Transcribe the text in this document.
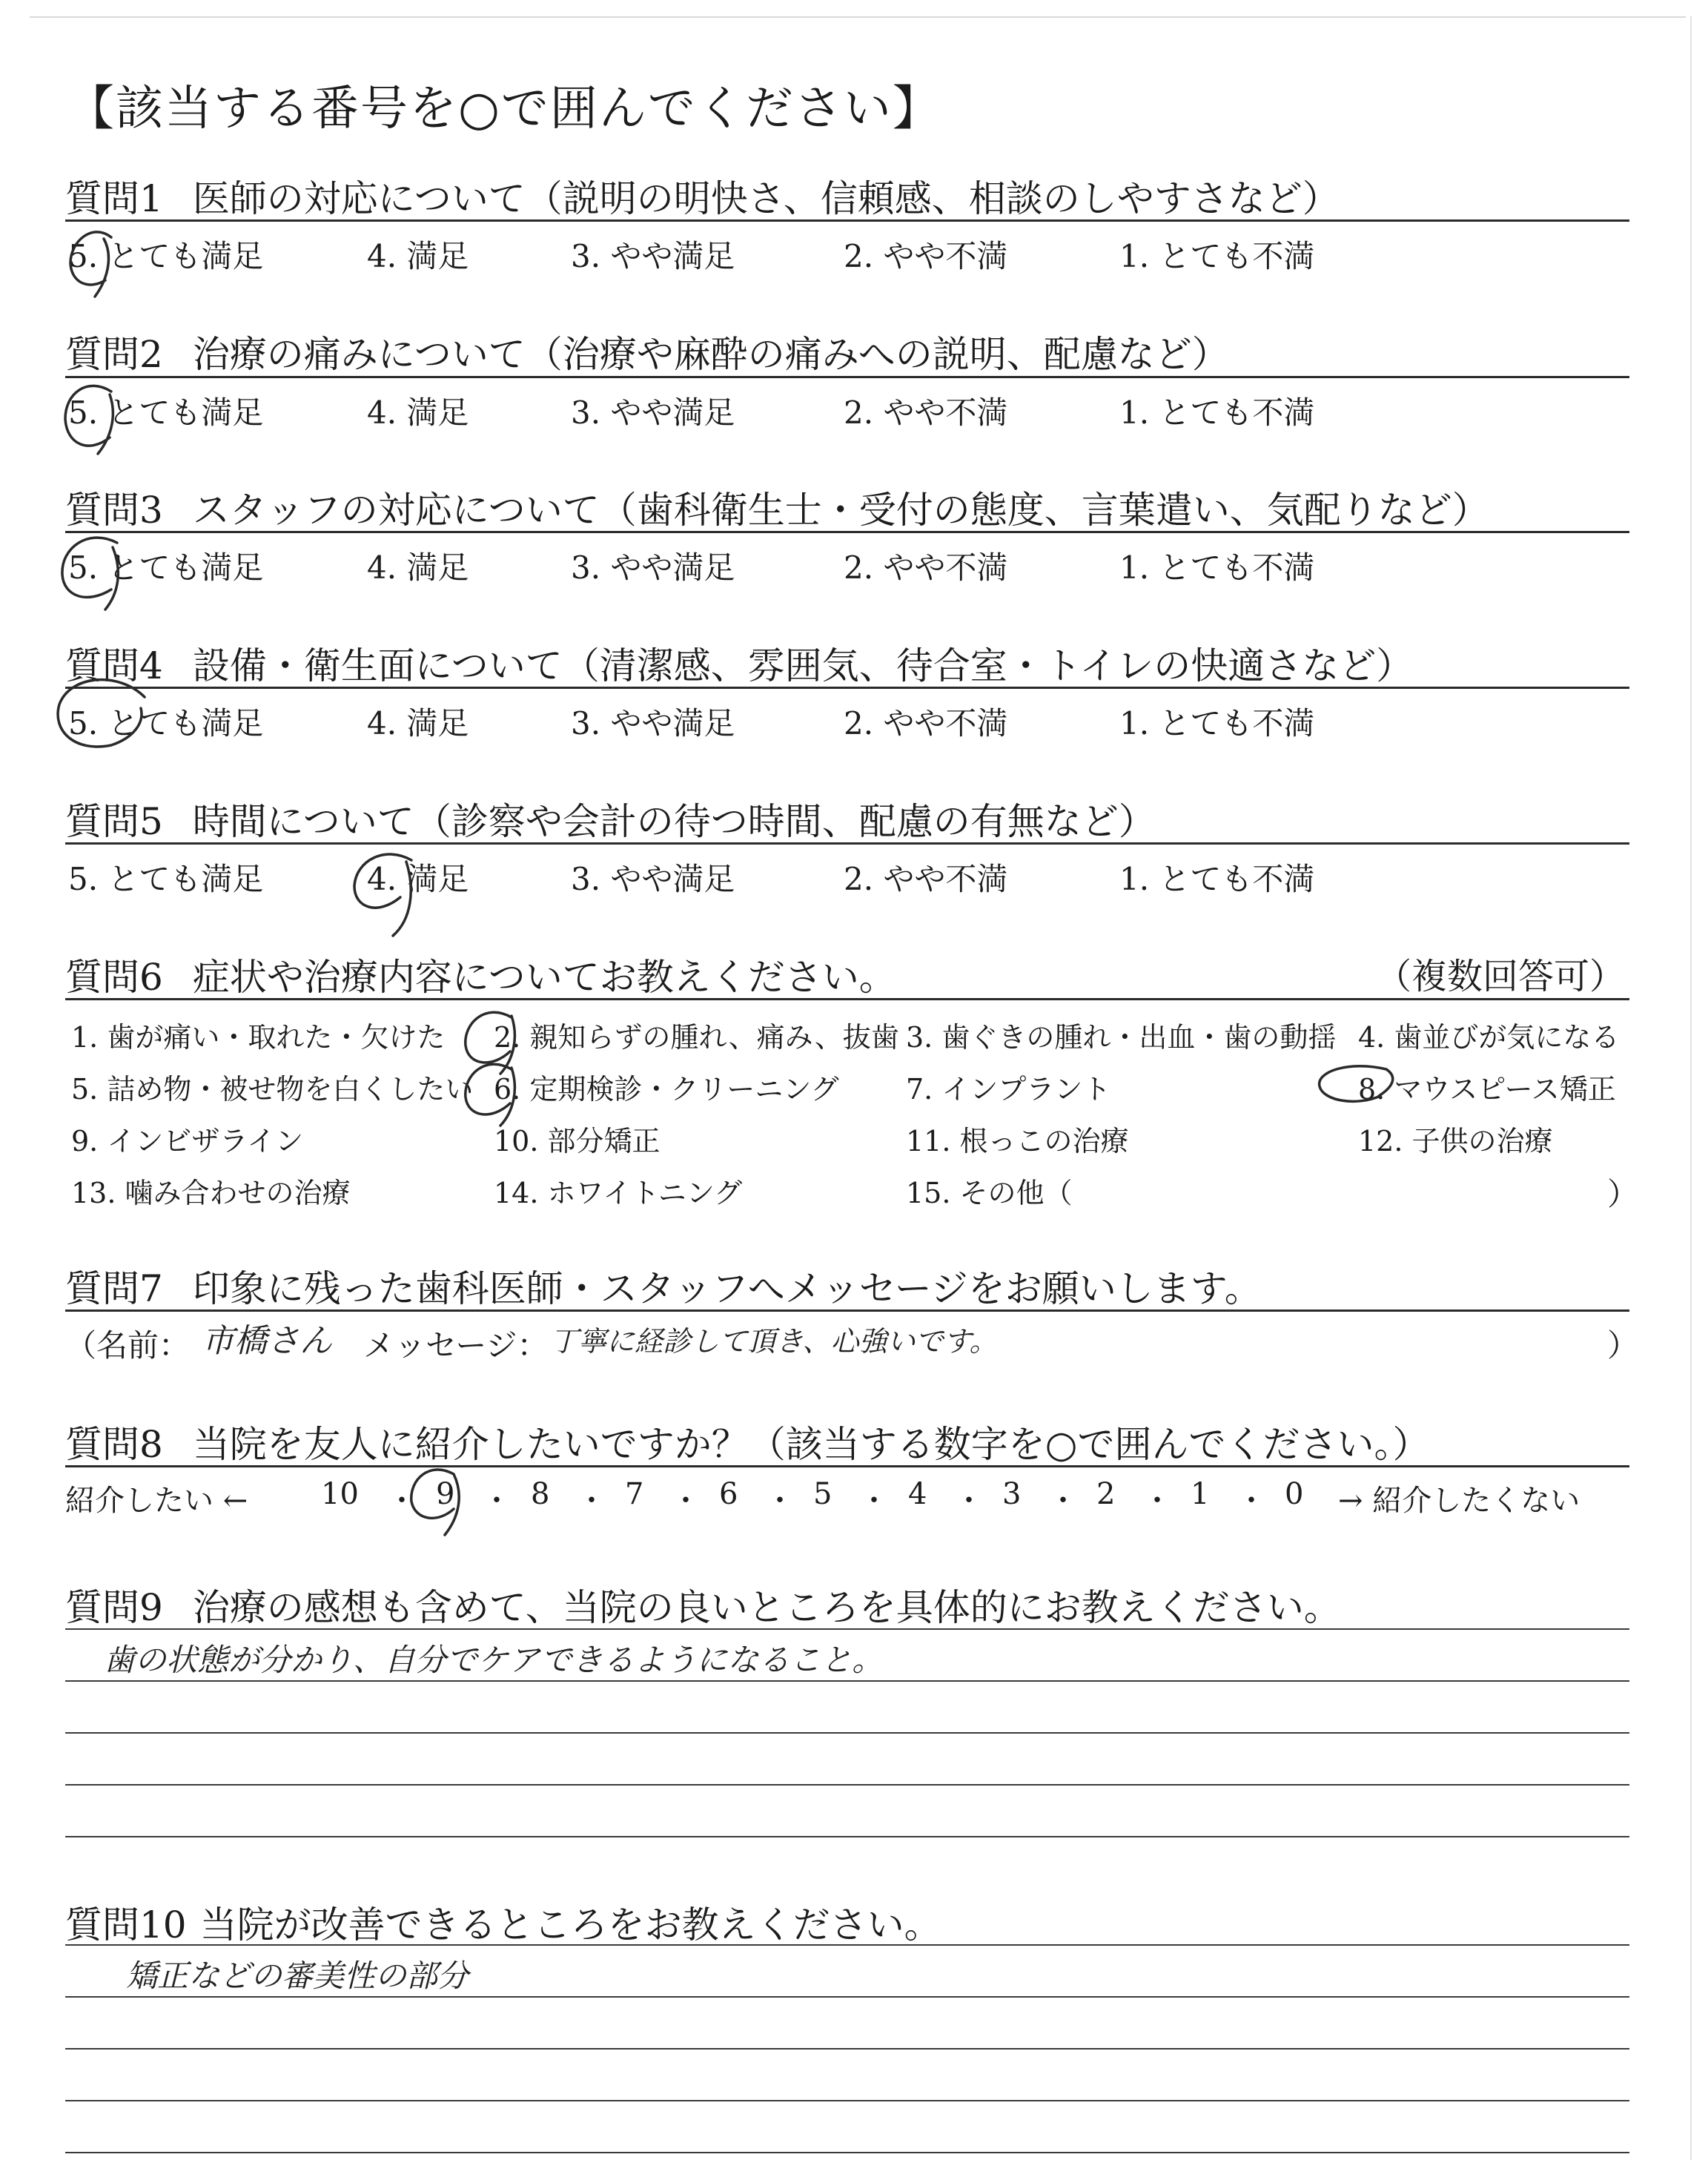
【該当する番号を○で囲んでください】
質問1 医師の対応について（説明の明快さ、信頼感、相談のしやすさなど）
5. とても満足	4. 満足	3. やや満足	2. やや不満	1. とても不満
質問2 治療の痛みについて（治療や麻酔の痛みへの説明、配慮など）
5. とても満足	4. 満足	3. やや満足	2. やや不満	1. とても不満
質問3 スタッフの対応について（歯科衛生士・受付の態度、言葉遣い、気配りなど）
5. とても満足	4. 満足	3. やや満足	2. やや不満	1. とても不満
質問4 設備・衛生面について（清潔感、雰囲気、待合室・トイレの快適さなど）
5. とても満足	4. 満足	3. やや満足	2. やや不満	1. とても不満
質問5 時間について（診察や会計の待つ時間、配慮の有無など）
5. とても満足	4. 満足	3. やや満足	2. やや不満	1. とても不満
質問6 症状や治療内容についてお教えください。	（複数回答可）
1. 歯が痛い・取れた・欠けた 2. 親知らずの腫れ、痛み、抜歯 3. 歯ぐきの腫れ・出血・歯の動揺 4. 歯並びが気になる
5. 詰め物・被せ物を白くしたい 6. 定期検診・クリーニング 7. インプラント	8. マウスピース矯正
9. インビザライン	10. 部分矯正	11. 根っこの治療	12. 子供の治療
13. 噛み合わせの治療	14. ホワイトニング	15. その他（	）
質問7 印象に残った歯科医師・スタッフへメッセージをお願いします。
（名前： 市橋さん メッセージ： 丁寧に経診して頂き、心強いです。	）
質問8 当院を友人に紹介したいですか？（該当する数字を○で囲んでください。）
紹介したい ← 10 ・ 9 ・ 8 ・ 7 ・ 6 ・ 5 ・ 4 ・ 3 ・ 2 ・ 1 ・ 0 → 紹介したくない
質問9 治療の感想も含めて、当院の良いところを具体的にお教えください。
歯の状態が分かり、自分でケアできるようになること。
質問10 当院が改善できるところをお教えください。
矯正などの審美性の部分
